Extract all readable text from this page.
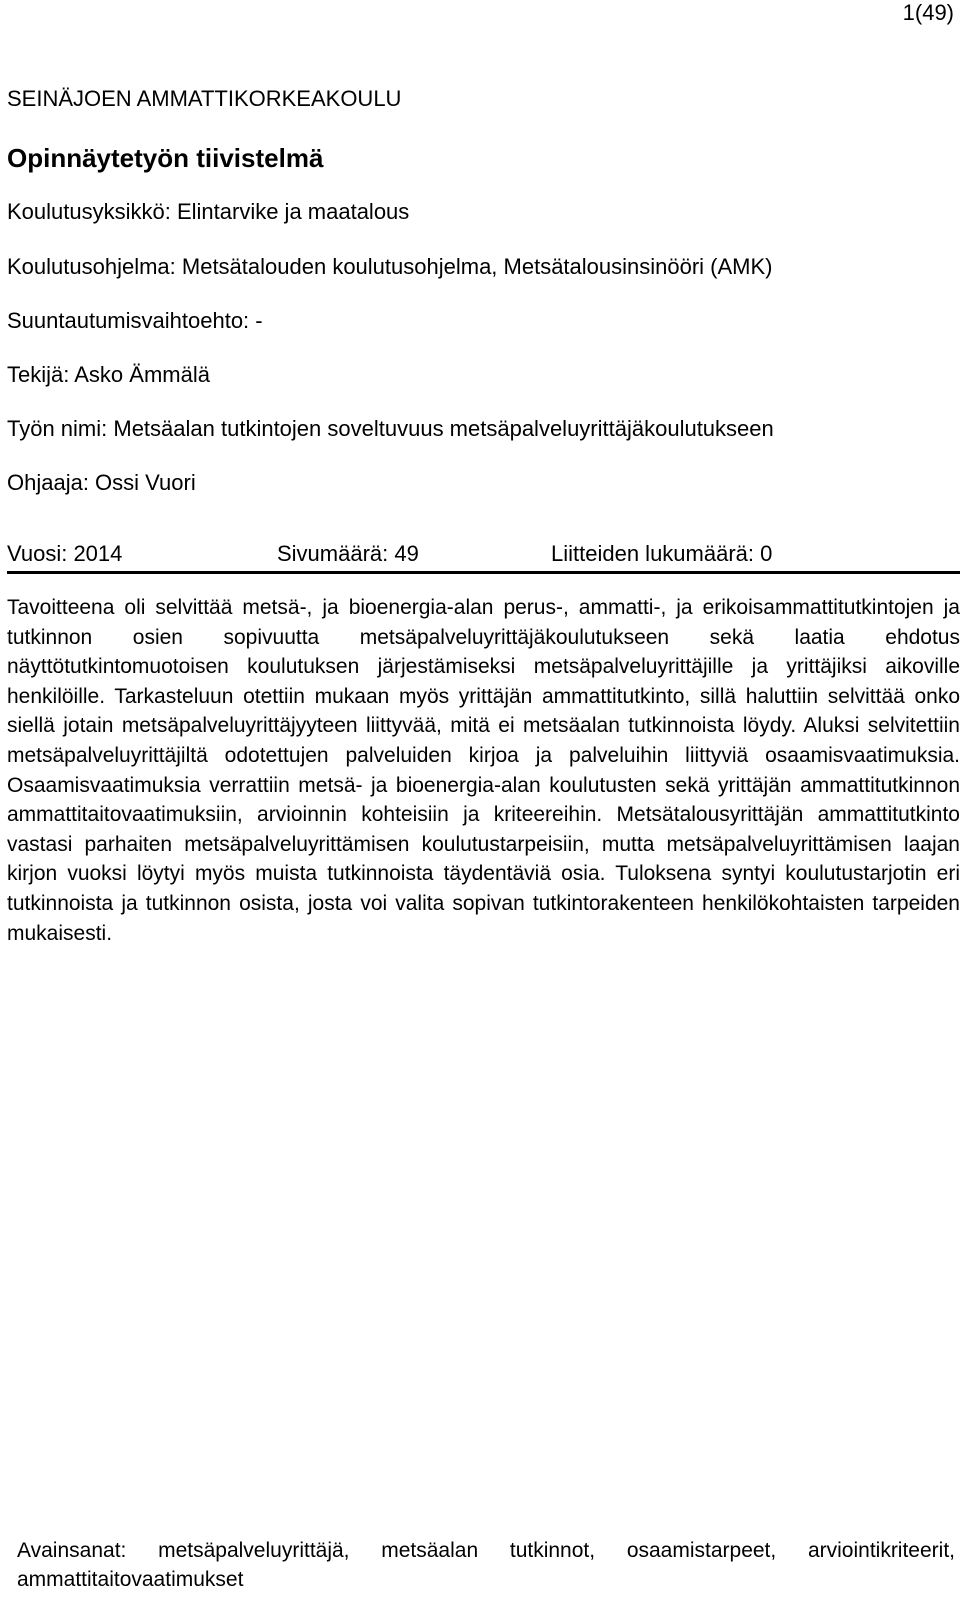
1(49)
SEINÄJOEN AMMATTIKORKEAKOULU
Opinnäytetyön tiivistelmä
Koulutusyksikkö: Elintarvike ja maatalous
Koulutusohjelma: Metsätalouden koulutusohjelma, Metsätalousinsinööri (AMK)
Suuntautumisvaihtoehto: -
Tekijä: Asko Ämmälä
Työn nimi: Metsäalan tutkintojen soveltuvuus metsäpalveluyrittäjäkoulutukseen
Ohjaaja: Ossi Vuori
Vuosi: 2014	Sivumäärä: 49	Liitteiden lukumäärä: 0
Tavoitteena oli selvittää metsä-, ja bioenergia-alan perus-, ammatti-, ja erikoisammattitutkintojen ja tutkinnon osien sopivuutta metsäpalveluyrittäjäkoulutukseen sekä laatia ehdotus näyttötutkintomuotoisen koulutuksen järjestämiseksi metsäpalveluyrittäjille ja yrittäjiksi aikoville henkilöille. Tarkasteluun otettiin mukaan myös yrittäjän ammattitutkinto, sillä haluttiin selvittää onko siellä jotain metsäpalveluyrittäjyyteen liittyvää, mitä ei metsäalan tutkinnoista löydy. Aluksi selvitettiin metsäpalveluyrittäjiltä odotettujen palveluiden kirjoa ja palveluihin liittyviä osaamisvaatimuksia. Osaamisvaatimuksia verrattiin metsä- ja bioenergia-alan koulutusten sekä yrittäjän ammattitutkinnon ammattitaitovaatimuksiin, arvioinnin kohteisiin ja kriteereihin. Metsätalousyrittäjän ammattitutkinto vastasi parhaiten metsäpalveluyrittämisen koulutustarpeisiin, mutta metsäpalveluyrittämisen laajan kirjon vuoksi löytyi myös muista tutkinnoista täydentäviä osia. Tuloksena syntyi koulutustarjotin eri tutkinnoista ja tutkinnon osista, josta voi valita sopivan tutkintorakenteen henkilökohtaisten tarpeiden mukaisesti.
Avainsanat: metsäpalveluyrittäjä, metsäalan tutkinnot, osaamistarpeet, arviointikriteerit, ammattitaitovaatimukset
